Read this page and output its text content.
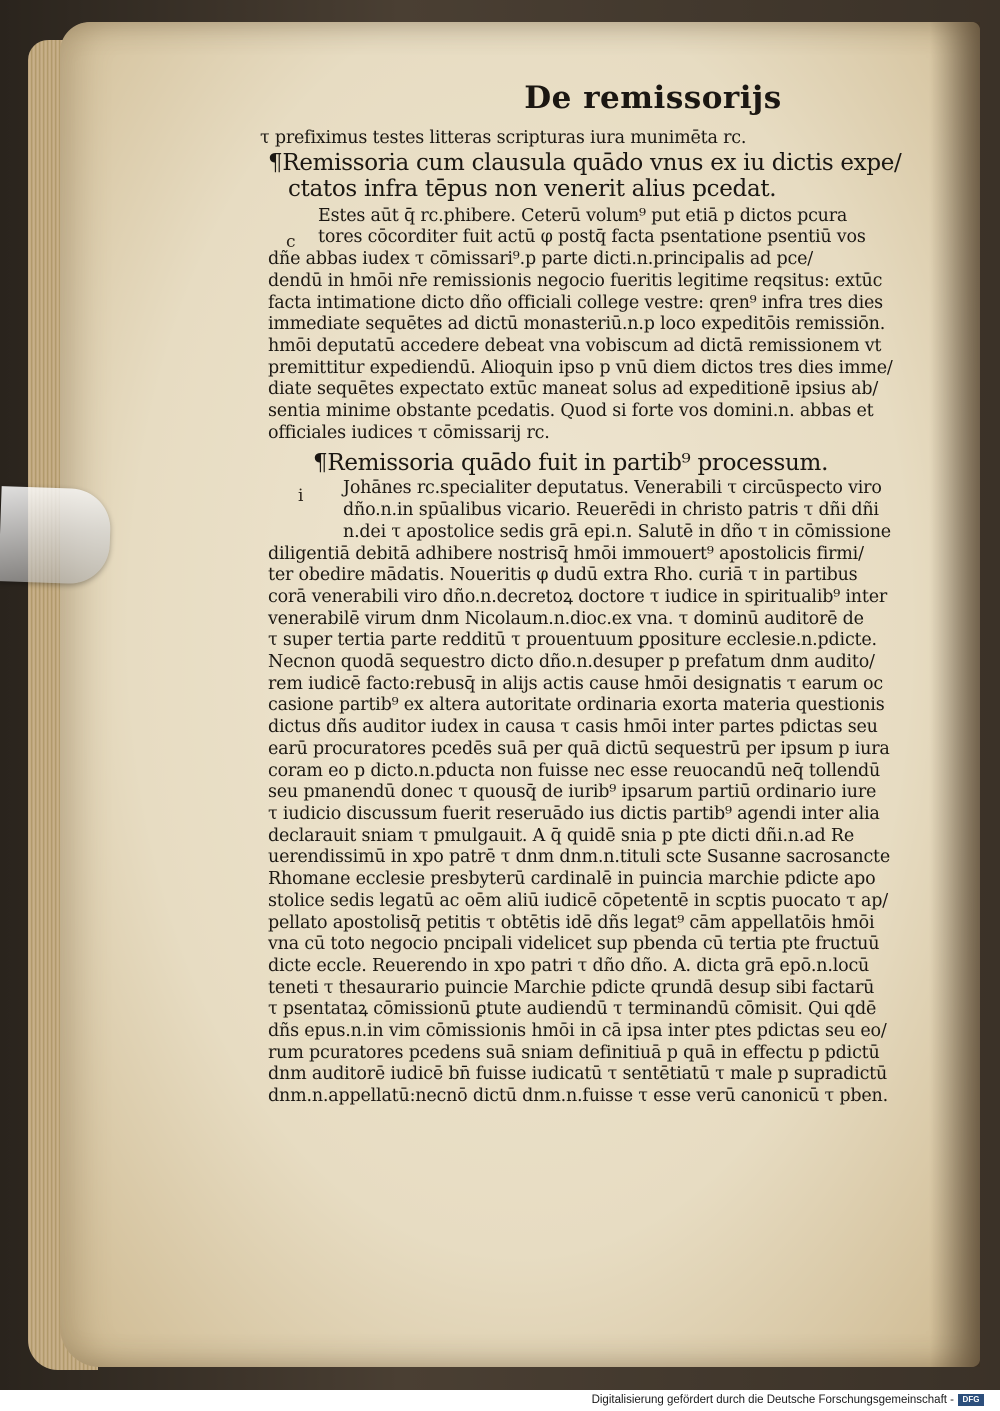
c
i
De remissorijs
τ prefiximus testes litteras scripturas iura munimēta rc.
¶Remissoria cum clausula quādo vnus ex iu dictis expe/
ctatos infra tēpus non venerit alius pcedat.
Estes aūt q̄ rc.phibere. Ceterū volum⁹ put etiā p dictos pcura
tores cōcorditer fuit actū φ postq̄ facta psentatione psentiū vos
dñe abbas iudex τ cōmissari⁹.p parte dicti.n.principalis ad pce/
dendū in hmōi nr̄e remissionis negocio fueritis legitime reqsitus: extūc
facta intimatione dicto dño officiali college vestre: qren⁹ infra tres dies
immediate sequētes ad dictū monasteriū.n.p loco expeditōis remissiōn.
hmōi deputatū accedere debeat vna vobiscum ad dictā remissionem vt
premittitur expediendū. Alioquin ipso p vnū diem dictos tres dies imme/
diate sequētes expectato extūc maneat solus ad expeditionē ipsius ab/
sentia minime obstante pcedatis. Quod si forte vos domini.n. abbas et
officiales iudices τ cōmissarij rc.
¶Remissoria quādo fuit in partib⁹ processum.
Johānes rc.specialiter deputatus. Venerabili τ circūspecto viro
dño.n.in spūalibus vicario. Reuerēdi in christo patris τ dñi dñi
n.dei τ apostolice sedis grā epi.n. Salutē in dño τ in cōmissione
diligentiā debitā adhibere nostrisq̄ hmōi immouert⁹ apostolicis firmi/
ter obedire mādatis. Noueritis φ dudū extra Rho. curiā τ in partibus
corā venerabili viro dño.n.decretoꝝ doctore τ iudice in spiritualib⁹ inter
venerabilē virum dnm Nicolaum.n.dioc.ex vna. τ dominū auditorē de
τ super tertia parte redditū τ prouentuum ꝑpositure ecclesie.n.pdicte.
Necnon quodā sequestro dicto dño.n.desuper p prefatum dnm audito/
rem iudicē facto:rebusq̄ in alijs actis cause hmōi designatis τ earum oc
casione partib⁹ ex altera autoritate ordinaria exorta materia questionis
dictus dñs auditor iudex in causa τ casis hmōi inter partes pdictas seu
earū procuratores pcedēs suā per quā dictū sequestrū per ipsum p iura
coram eo p dicto.n.pducta non fuisse nec esse reuocandū neq̄ tollendū
seu pmanendū donec τ quousq̄ de iurib⁹ ipsarum partiū ordinario iure
τ iudicio discussum fuerit reseruādo ius dictis partib⁹ agendi inter alia
declarauit sniam τ pmulgauit. A q̄ quidē snia p pte dicti dñi.n.ad Re
uerendissimū in xpo patrē τ dnm dnm.n.tituli scte Susanne sacrosancte
Rhomane ecclesie presbyterū cardinalē in puincia marchie pdicte apo
stolice sedis legatū ac oēm aliū iudicē cōpetentē in scptis puocato τ ap/
pellato apostolisq̄ petitis τ obtētis idē dñs legat⁹ cām appellatōis hmōi
vna cū toto negocio pncipali videlicet sup pbenda cū tertia pte fructuū
dicte eccle. Reuerendo in xpo patri τ dño dño. A. dicta grā epō.n.locū
teneti τ thesaurario puincie Marchie pdicte qrundā desup sibi factarū
τ psentataꝝ cōmissionū ꝑtute audiendū τ terminandū cōmisit. Qui qdē
dñs epus.n.in vim cōmissionis hmōi in cā ipsa inter ptes pdictas seu eo/
rum pcuratores pcedens suā sniam definitiuā p quā in effectu p pdictū
dnm auditorē iudicē bn̄ fuisse iudicatū τ sentētiatū τ male p supradictū
dnm.n.appellatū:necnō dictū dnm.n.fuisse τ esse verū canonicū τ pben.
Digitalisierung gefördert durch die Deutsche Forschungsgemeinschaft -	DFG
